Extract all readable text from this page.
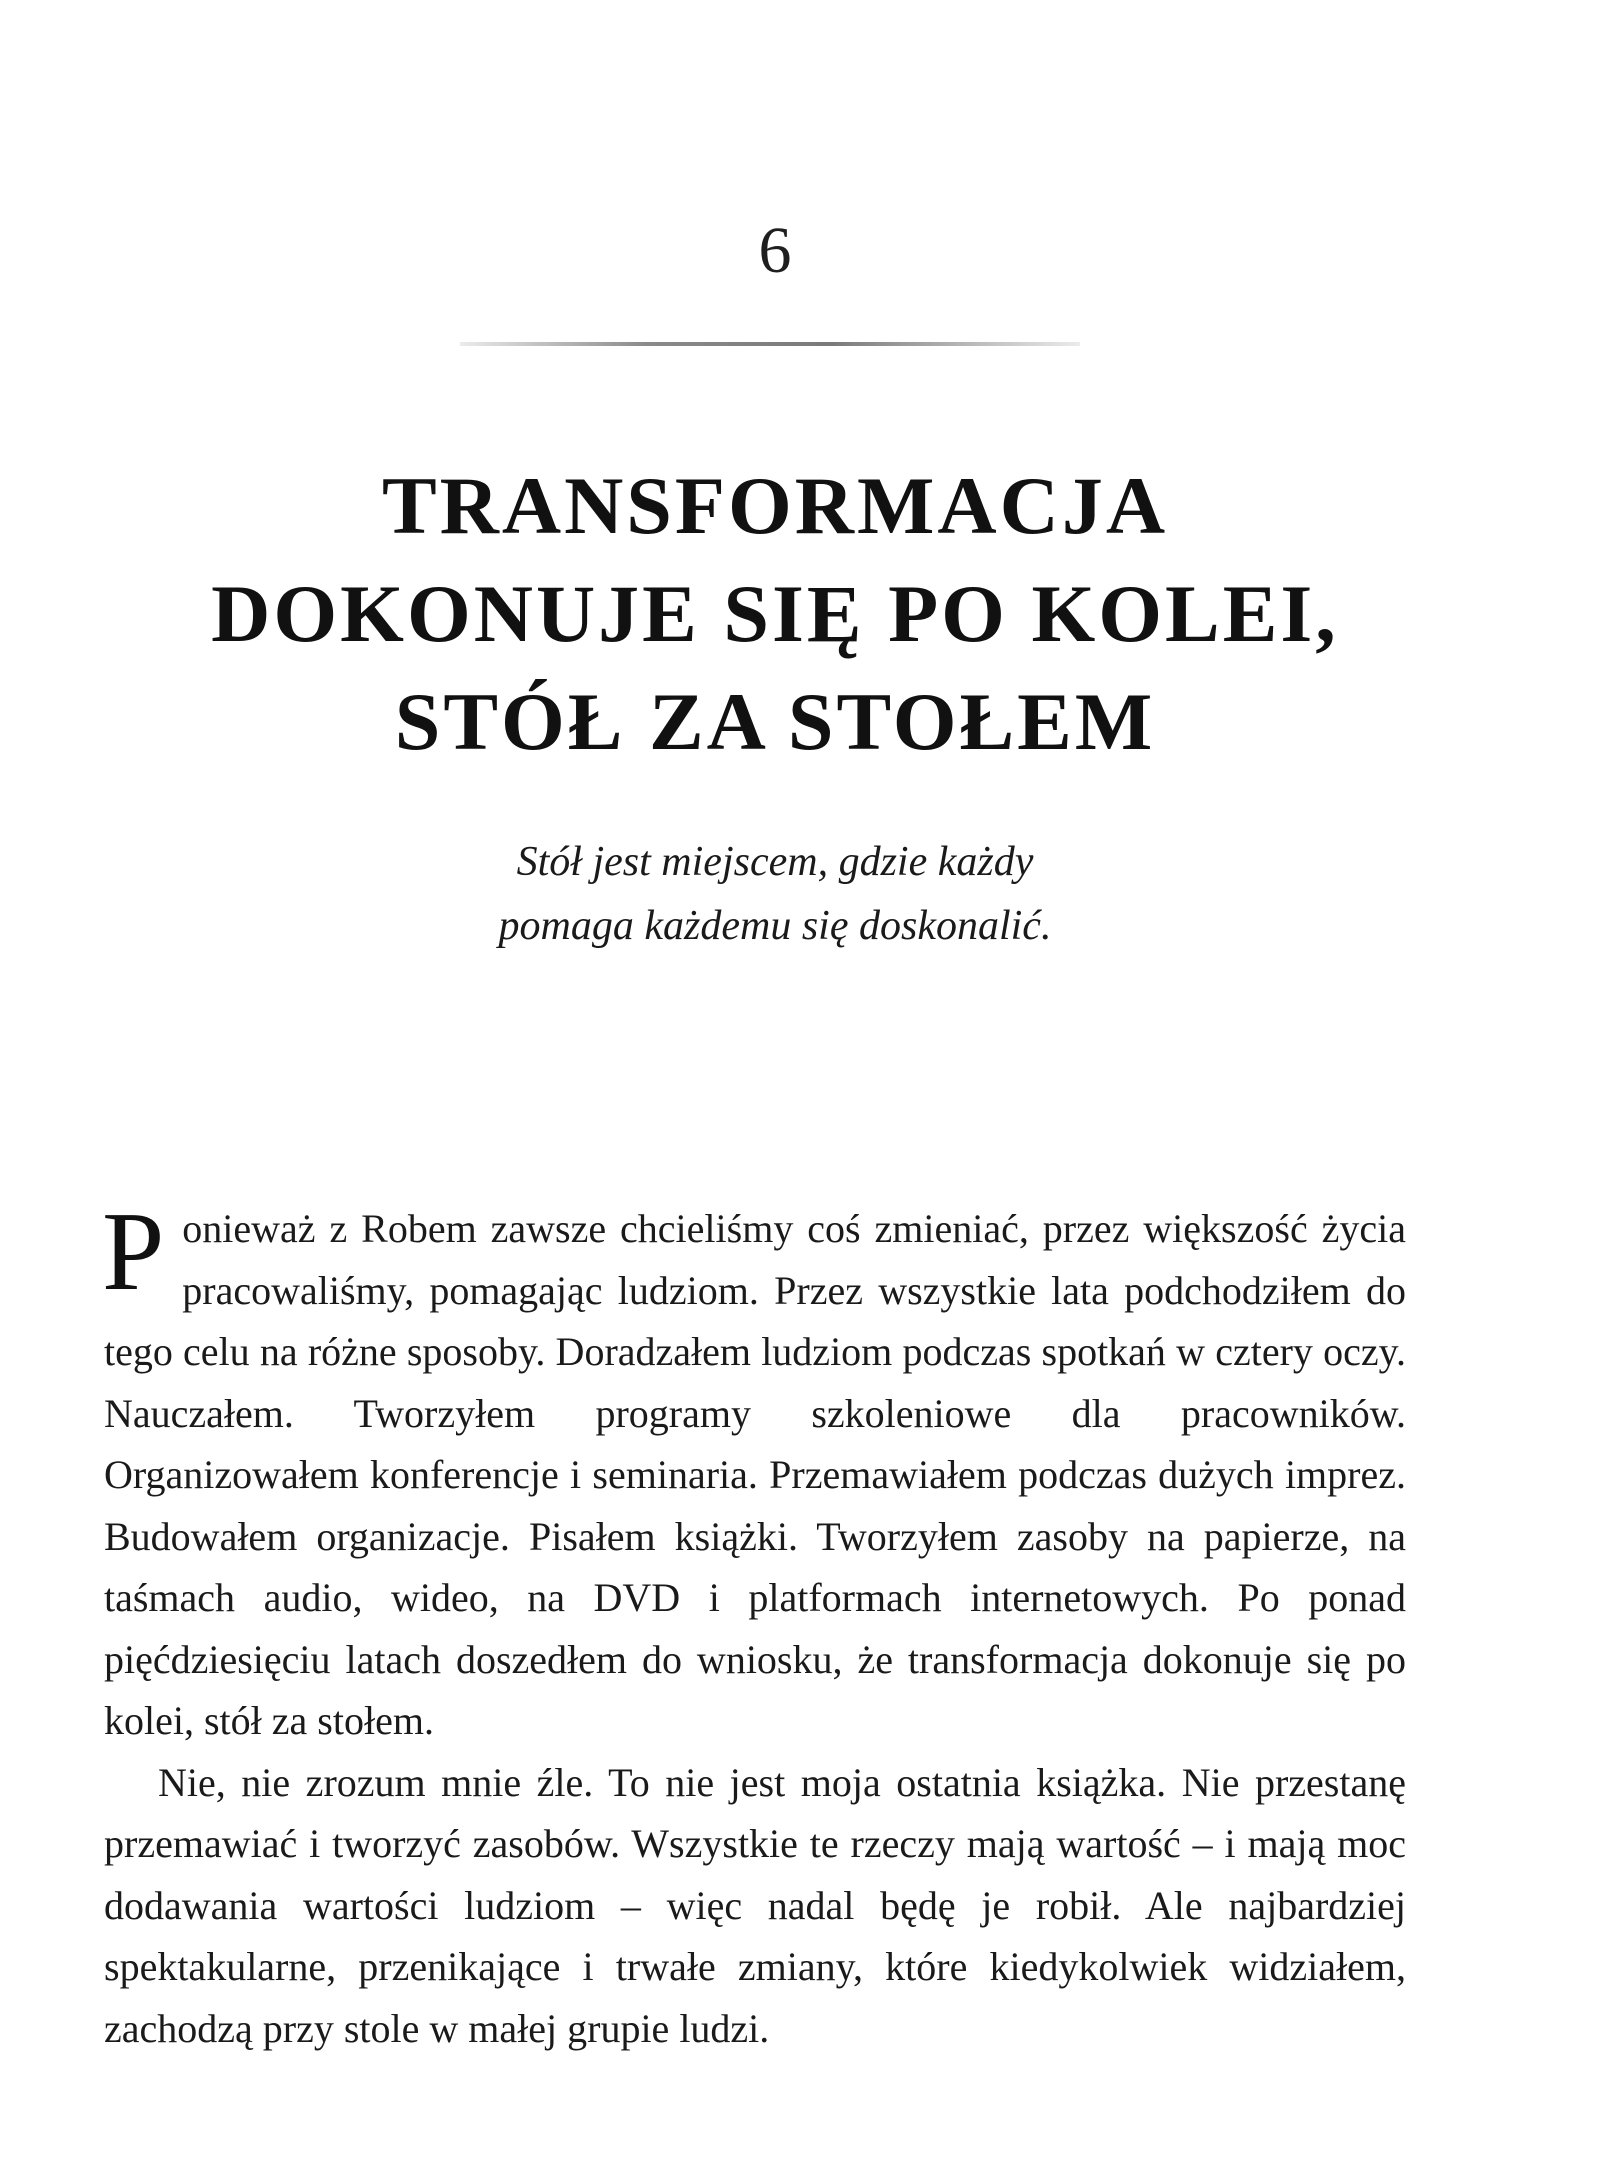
6
TRANSFORMACJA
DOKONUJE SIĘ PO KOLEI,
STÓŁ ZA STOŁEM
Stół jest miejscem, gdzie każdy
pomaga każdemu się doskonalić.

Ponieważ z Robem zawsze chcieliśmy coś zmieniać, przez większość życia pracowaliśmy, pomagając ludziom. Przez wszystkie lata podchodziłem do tego celu na różne sposoby. Doradzałem ludziom podczas spotkań w cztery oczy. Nauczałem. Tworzyłem programy szkoleniowe dla pracowników. Organizowałem konferencje i seminaria. Przemawiałem podczas dużych imprez. Budowałem organizacje. Pisałem książki. Tworzyłem zasoby na papierze, na taśmach audio, wideo, na DVD i platformach internetowych. Po ponad pięćdziesięciu latach doszedłem do wniosku, że transformacja dokonuje się po kolei, stół za stołem.

Nie, nie zrozum mnie źle. To nie jest moja ostatnia książka. Nie przestanę przemawiać i tworzyć zasobów. Wszystkie te rzeczy mają wartość – i mają moc dodawania wartości ludziom – więc nadal będę je robił. Ale najbardziej spektakularne, przenikające i trwałe zmiany, które kiedykolwiek widziałem, zachodzą przy stole w małej grupie ludzi.
